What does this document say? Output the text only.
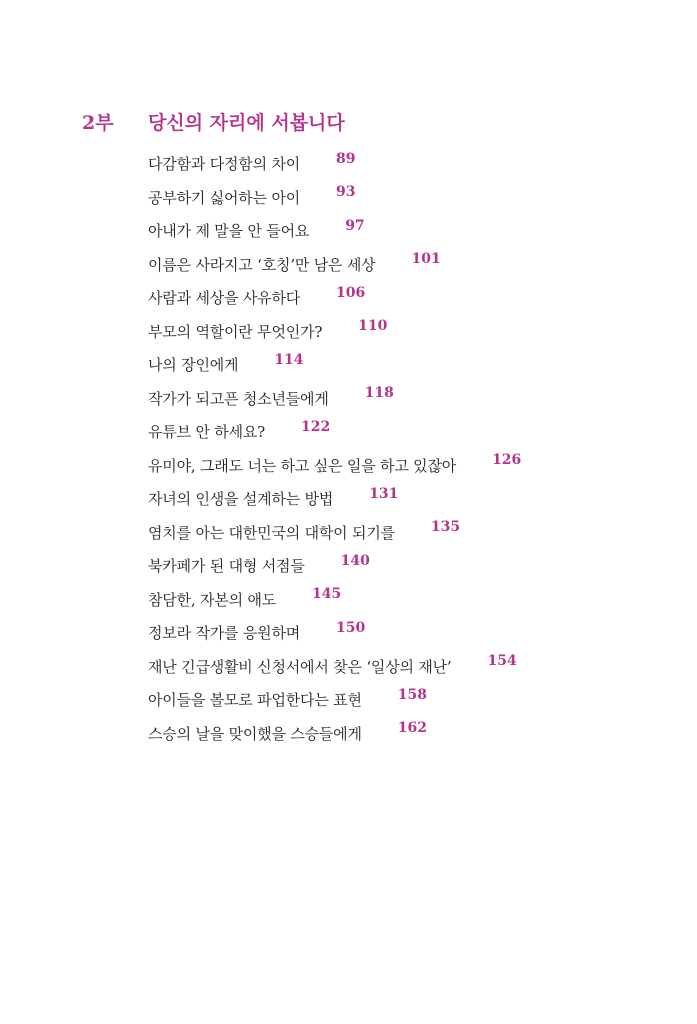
2부 당신의 자리에 서봅니다
다감함과 다정함의 차이	89
공부하기 싫어하는 아이	93
아내가 제 말을 안 들어요	97
이름은 사라지고 ‘호칭’만 남은 세상	101
사람과 세상을 사유하다	106
부모의 역할이란 무엇인가?	110
나의 장인에게	114
작가가 되고픈 청소년들에게	118
유튜브 안 하세요?	122
유미야, 그래도 너는 하고 싶은 일을 하고 있잖아	126
자녀의 인생을 설계하는 방법	131
염치를 아는 대한민국의 대학이 되기를	135
북카페가 된 대형 서점들	140
참담한, 자본의 애도	145
정보라 작가를 응원하며	150
재난 긴급생활비 신청서에서 찾은 ‘일상의 재난’	154
아이들을 볼모로 파업한다는 표현	158
스승의 날을 맞이했을 스승들에게	162
